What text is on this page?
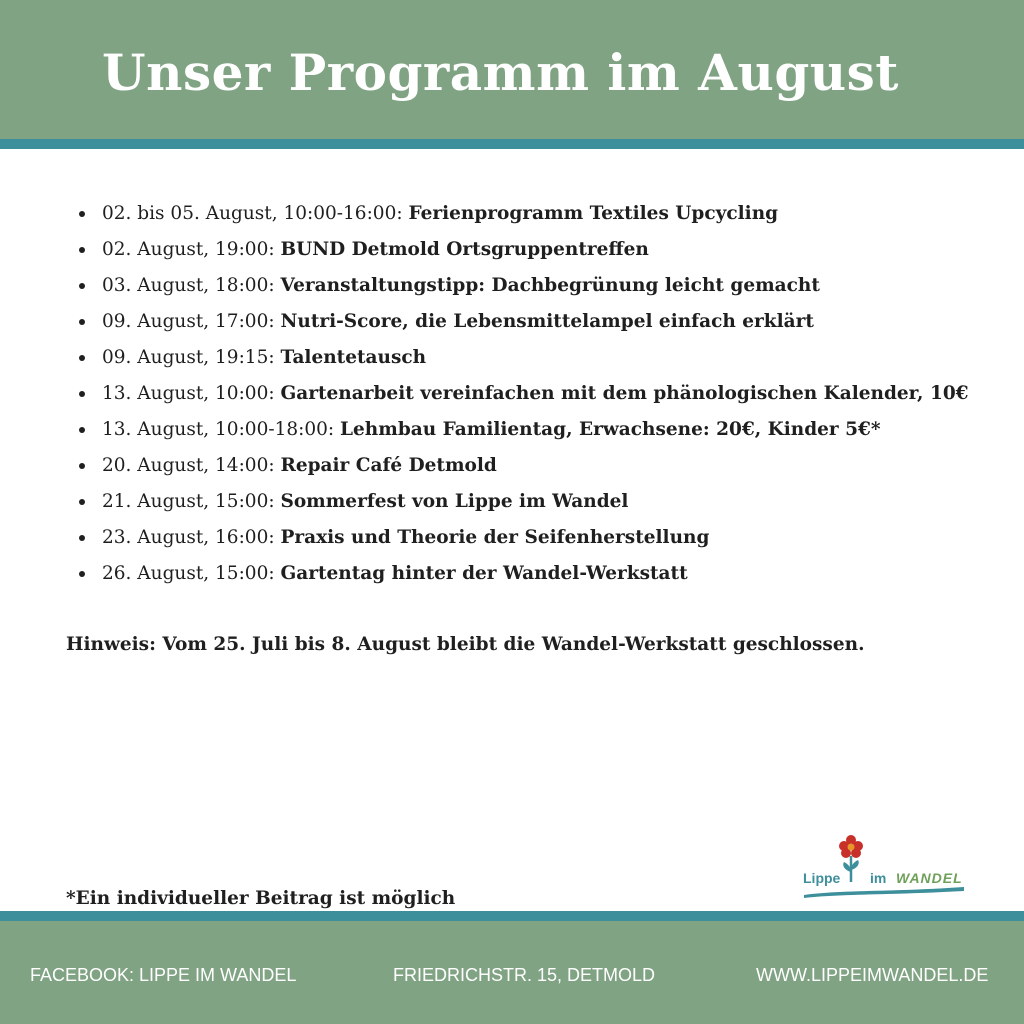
Unser Programm im August
02. bis 05. August, 10:00-16:00: Ferienprogramm Textiles Upcycling
02. August, 19:00: BUND Detmold Ortsgruppentreffen
03. August, 18:00: Veranstaltungstipp: Dachbegrünung leicht gemacht
09. August, 17:00: Nutri-Score, die Lebensmittelampel einfach erklärt
09. August, 19:15: Talentetausch
13. August, 10:00: Gartenarbeit vereinfachen mit dem phänologischen Kalender, 10€
13. August, 10:00-18:00: Lehmbau Familientag, Erwachsene: 20€, Kinder 5€*
20. August, 14:00: Repair Café Detmold
21. August, 15:00: Sommerfest von Lippe im Wandel
23. August, 16:00: Praxis und Theorie der Seifenherstellung
26. August, 15:00: Gartentag hinter der Wandel-Werkstatt
Hinweis: Vom 25. Juli bis 8. August bleibt die Wandel-Werkstatt geschlossen.
*Ein individueller Beitrag ist möglich
Lippe im WANDEL
FACEBOOK: LIPPE IM WANDEL	FRIEDRICHSTR. 15, DETMOLD	WWW.LIPPEIMWANDEL.DE
